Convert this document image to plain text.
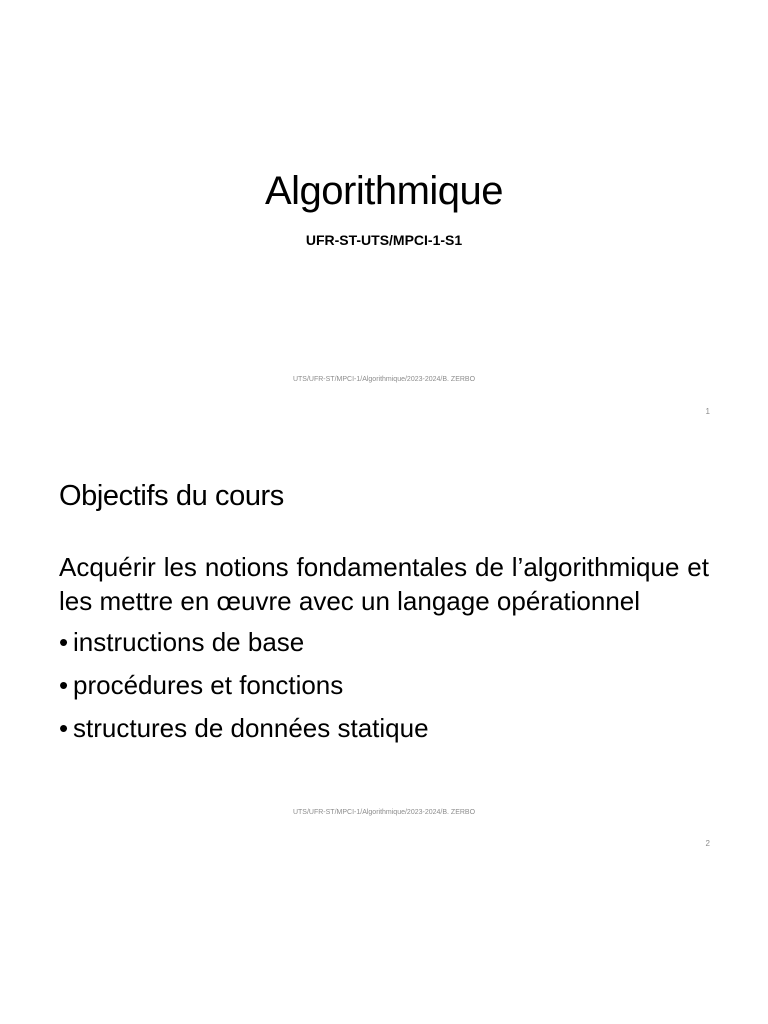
Algorithmique
UFR-ST-UTS/MPCI-1-S1
UTS/UFR-ST/MPCI-1/Algorithmique/2023-2024/B. ZERBO
1
Objectifs du cours
Acquérir les notions fondamentales de l’algorithmique et les mettre en œuvre avec un langage opérationnel
• instructions de base
• procédures et fonctions
• structures de données statique
UTS/UFR-ST/MPCI-1/Algorithmique/2023-2024/B. ZERBO
2
